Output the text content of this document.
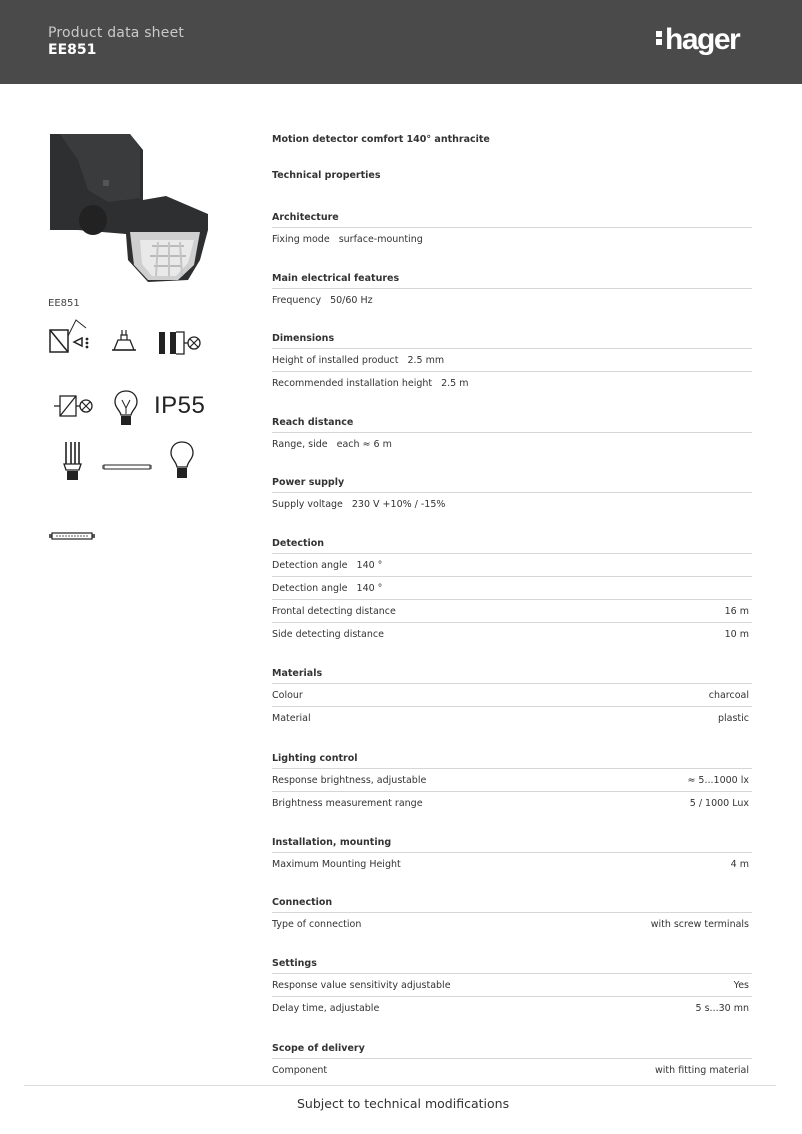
Product data sheet
EE851	hager
EE851
IP55
Motion detector comfort 140° anthracite
Technical properties
Architecture
Fixing mode surface-mounting
Main electrical features
Frequency 50/60 Hz
Dimensions
Height of installed product 2.5 mm
Recommended installation height 2.5 m
Reach distance
Range, side each ≈ 6 m
Power supply
Supply voltage 230 V +10% / -15%
Detection
Detection angle 140 °
Detection angle 140 °
Frontal detecting distance	16 m
Side detecting distance	10 m
Materials
Colour	charcoal
Material	plastic
Lighting control
Response brightness, adjustable	≈ 5...1000 lx
Brightness measurement range	5 / 1000 Lux
Installation, mounting
Maximum Mounting Height	4 m
Connection
Type of connection	with screw terminals
Settings
Response value sensitivity adjustable	Yes
Delay time, adjustable	5 s...30 mn
Scope of delivery
Component	with fitting material
Subject to technical modifications
